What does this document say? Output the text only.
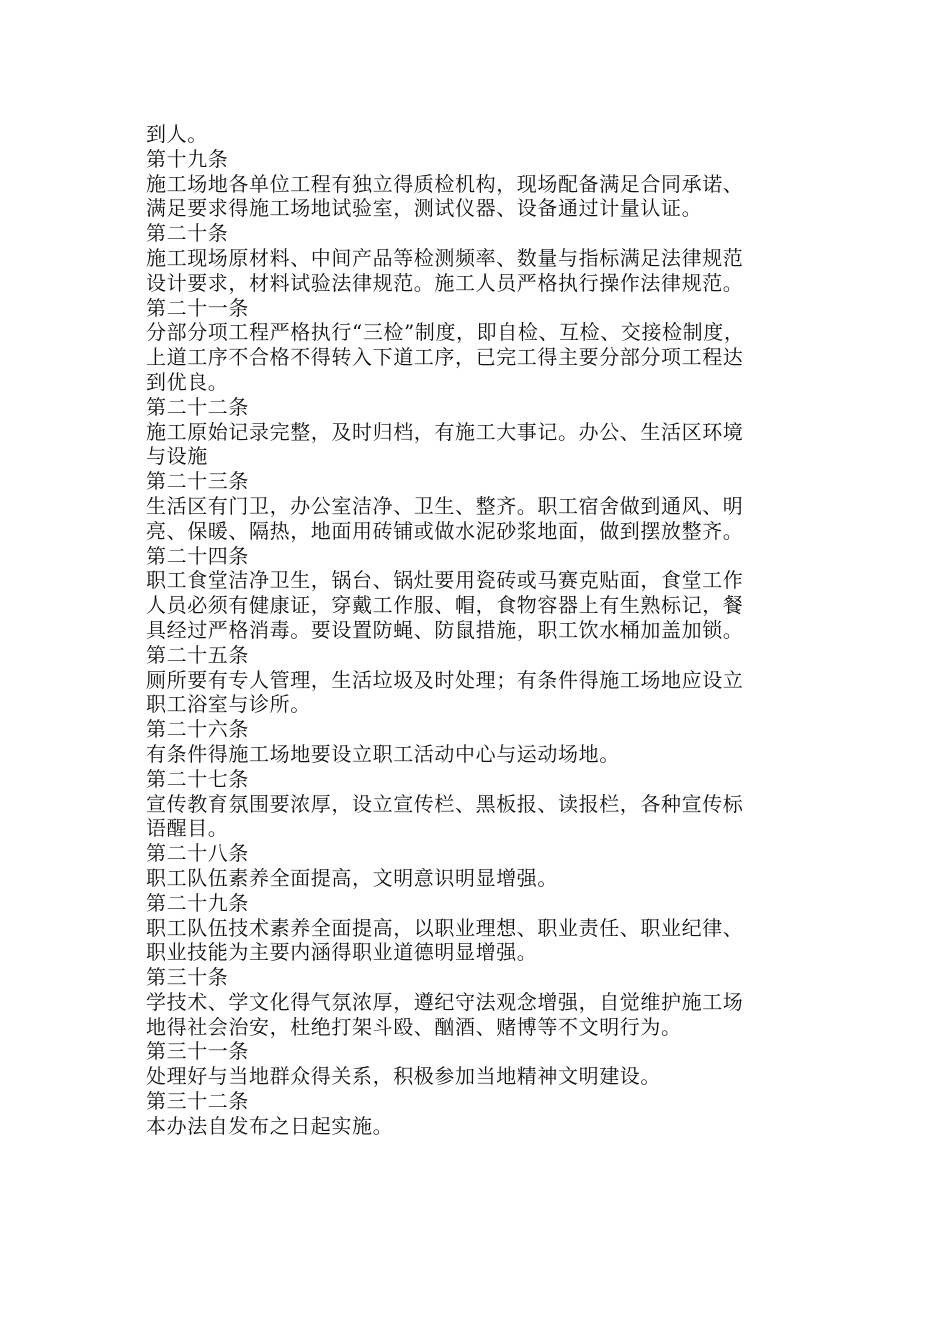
到人。
第十九条
施工场地各单位工程有独立得质检机构，现场配备满足合同承诺、
满足要求得施工场地试验室，测试仪器、设备通过计量认证。
第二十条
施工现场原材料、中间产品等检测频率、数量与指标满足法律规范
设计要求，材料试验法律规范。施工人员严格执行操作法律规范。
第二十一条
分部分项工程严格执行“三检”制度，即自检、互检、交接检制度，
上道工序不合格不得转入下道工序，已完工得主要分部分项工程达
到优良。
第二十二条
施工原始记录完整，及时归档，有施工大事记。办公、生活区环境
与设施
第二十三条
生活区有门卫，办公室洁净、卫生、整齐。职工宿舍做到通风、明
亮、保暖、隔热，地面用砖铺或做水泥砂浆地面，做到摆放整齐。
第二十四条
职工食堂洁净卫生，锅台、锅灶要用瓷砖或马赛克贴面，食堂工作
人员必须有健康证，穿戴工作服、帽，食物容器上有生熟标记，餐
具经过严格消毒。要设置防蝇、防鼠措施，职工饮水桶加盖加锁。
第二十五条
厕所要有专人管理，生活垃圾及时处理；有条件得施工场地应设立
职工浴室与诊所。
第二十六条
有条件得施工场地要设立职工活动中心与运动场地。
第二十七条
宣传教育氛围要浓厚，设立宣传栏、黑板报、读报栏，各种宣传标
语醒目。
第二十八条
职工队伍素养全面提高，文明意识明显增强。
第二十九条
职工队伍技术素养全面提高，以职业理想、职业责任、职业纪律、
职业技能为主要内涵得职业道德明显增强。
第三十条
学技术、学文化得气氛浓厚，遵纪守法观念增强，自觉维护施工场
地得社会治安，杜绝打架斗殴、酗酒、赌博等不文明行为。
第三十一条
处理好与当地群众得关系，积极参加当地精神文明建设。
第三十二条
本办法自发布之日起实施。
